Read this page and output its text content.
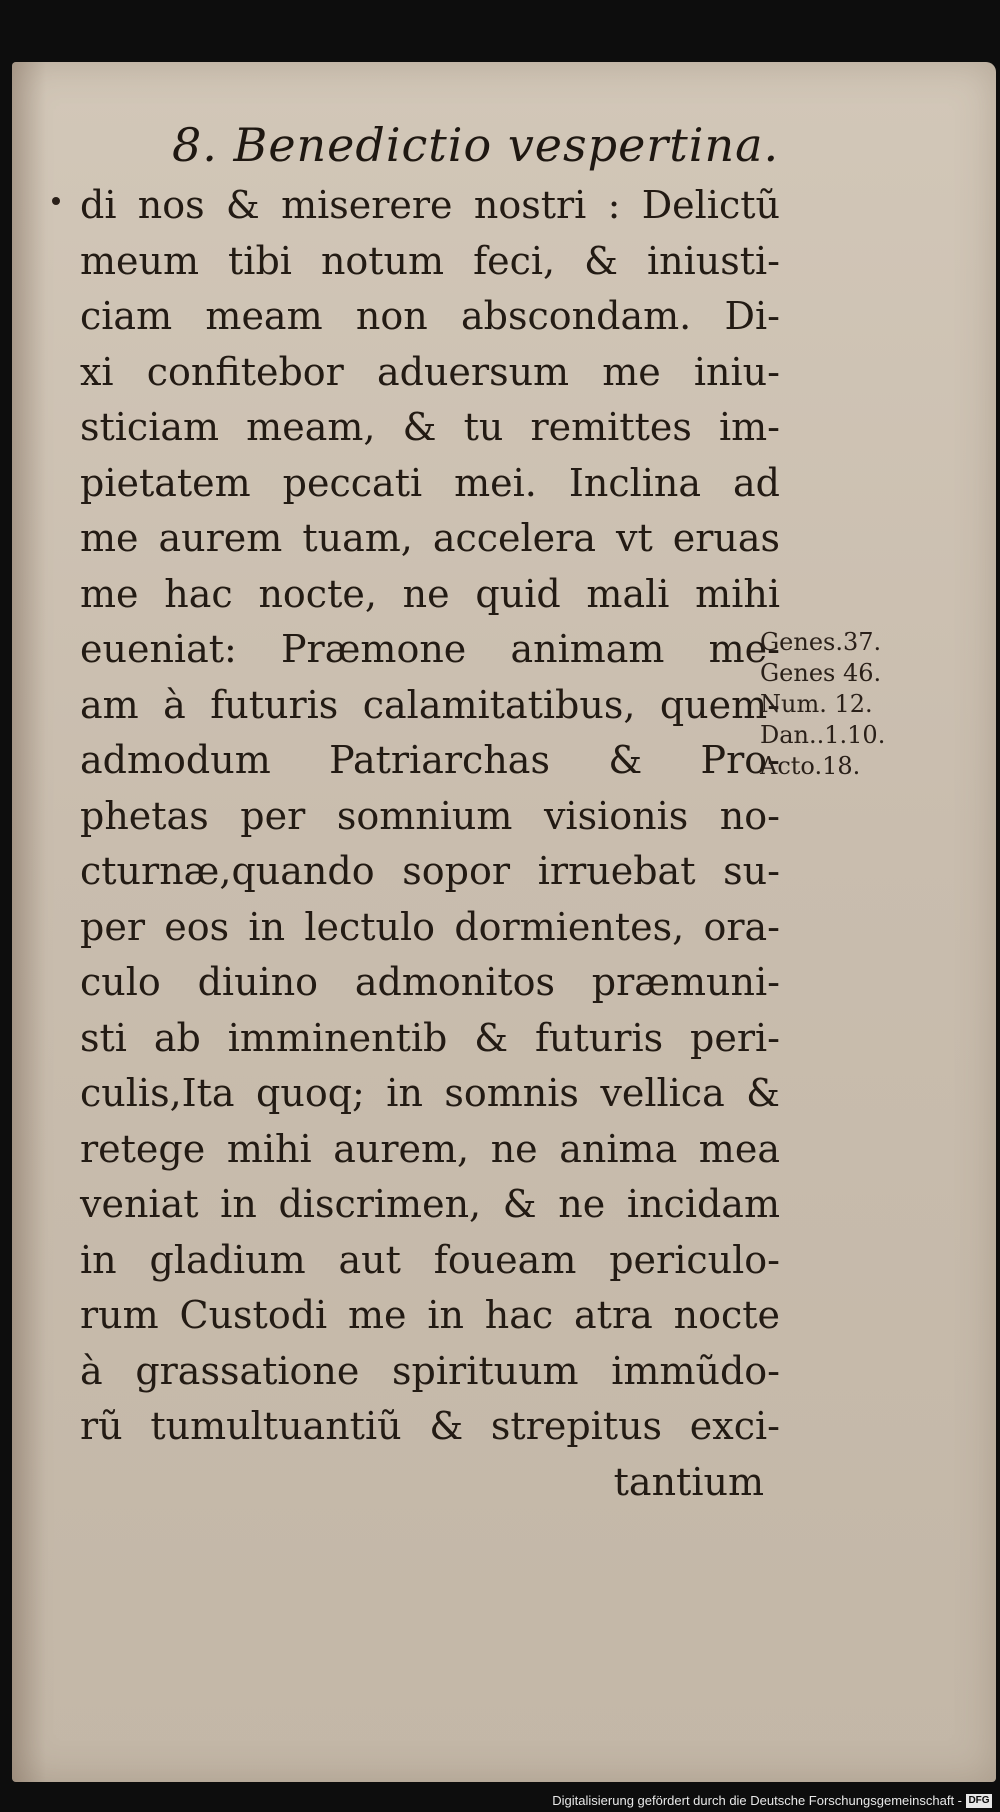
8. Benedictio vespertina.
di nos & miserere nostri : Delictũ
meum tibi notum feci, & iniusti-
ciam meam non abscondam. Di-
xi confitebor aduersum me iniu-
sticiam meam, & tu remittes im-
pietatem peccati mei. Inclina ad
me aurem tuam, accelera vt eruas
me hac nocte, ne quid mali mihi
eueniat: Præmone animam me-
am à futuris calamitatibus, quem-
admodum Patriarchas & Pro-
phetas per somnium visionis no-
cturnæ,quando sopor irruebat su-
per eos in lectulo dormientes, ora-
culo diuino admonitos præmuni-
sti ab imminentib & futuris peri-
culis,Ita quoq; in somnis vellica &
retege mihi aurem, ne anima mea
veniat in discrimen, & ne incidam
in gladium aut foueam periculo-
rum Custodi me in hac atra nocte
à grassatione spirituum immũdo-
rũ tumultuantiũ & strepitus exci-
tantium
Genes.37.
Genes 46.
Num. 12.
Dan..1.10.
Acto.18.
Digitalisierung gefördert durch die Deutsche Forschungsgemeinschaft - DFG
